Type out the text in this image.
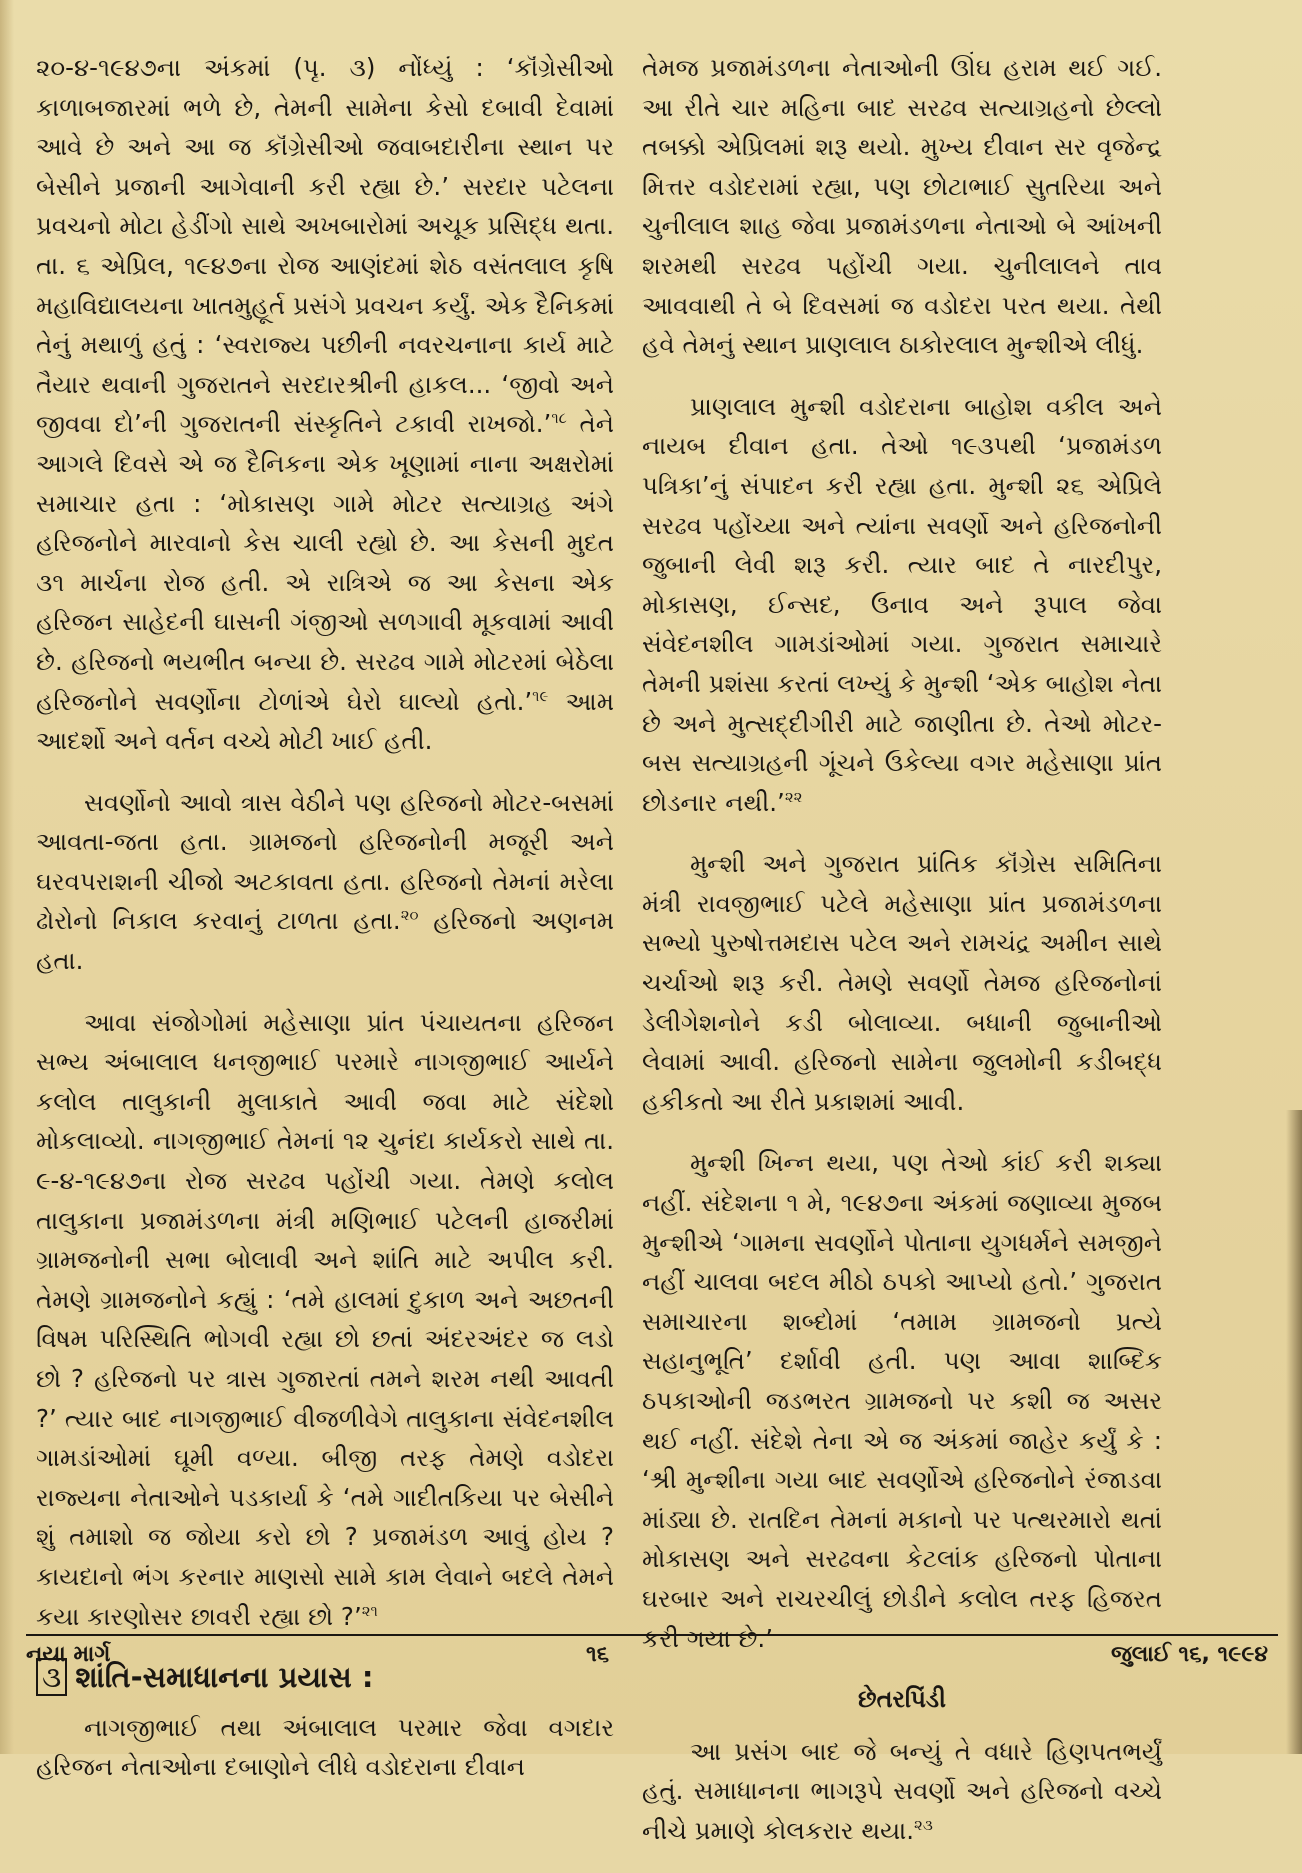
૨૦-૪-૧૯૪૭ના અંકમાં (પૃ. ૩) નોંધ્યું : ‘કૉંગ્રેસીઓ કાળાબજારમાં ભળે છે, તેમની સામેના કેસો દબાવી દેવામાં આવે છે અને આ જ કૉંગ્રેસીઓ જવાબદારીના સ્થાન પર બેસીને પ્રજાની આગેવાની કરી રહ્યા છે.’ સરદાર પટેલના પ્રવચનો મોટા હેડીંગો સાથે અખબારોમાં અચૂક પ્રસિદ્ધ થતા. તા. ૬ એપ્રિલ, ૧૯૪૭ના રોજ આણંદમાં શેઠ વસંતલાલ કૃષિ મહાવિદ્યાલયના ખાતમુહૂર્ત પ્રસંગે પ્રવચન કર્યું. એક દૈનિકમાં તેનું મથાળું હતું : ‘સ્વરાજ્ય પછીની નવરચનાના કાર્ય માટે તૈયાર થવાની ગુજરાતને સરદારશ્રીની હાકલ... ‘જીવો અને જીવવા દો’ની ગુજરાતની સંસ્કૃતિને ટકાવી રાખજો.’$^{૧૮}$ તેને આગલે દિવસે એ જ દૈનિકના એક ખૂણામાં નાના અક્ષરોમાં સમાચાર હતા : ‘મોકાસણ ગામે મોટર સત્યાગ્રહ અંગે હરિજનોને મારવાનો કેસ ચાલી રહ્યો છે. આ કેસની મુદત ૩૧ માર્ચના રોજ હતી. એ રાત્રિએ જ આ કેસના એક હરિજન સાહેદની ઘાસની ગંજીઓ સળગાવી મૂકવામાં આવી છે. હરિજનો ભયભીત બન્યા છે. સરઢવ ગામે મોટરમાં બેઠેલા હરિજનોને સવર્ણોના ટોળાંએ ઘેરો ઘાલ્યો હતો.’$^{૧૯}$ આમ આદર્શો અને વર્તન વચ્ચે મોટી ખાઈ હતી.

સવર્ણોનો આવો ત્રાસ વેઠીને પણ હરિજનો મોટર-બસમાં આવતા-જતા હતા. ગ્રામજનો હરિજનોની મજૂરી અને ઘરવપરાશની ચીજો અટકાવતા હતા. હરિજનો તેમનાં મરેલા ઢોરોનો નિકાલ કરવાનું ટાળતા હતા.$^{૨૦}$ હરિજનો અણનમ હતા.

આવા સંજોગોમાં મહેસાણા પ્રાંત પંચાયતના હરિજન સભ્ય અંબાલાલ ધનજીભાઈ પરમારે નાગજીભાઈ આર્યને કલોલ તાલુકાની મુલાકાતે આવી જવા માટે સંદેશો મોકલાવ્યો. નાગજીભાઈ તેમનાં ૧૨ ચુનંદા કાર્યકરો સાથે તા. ૯-૪-૧૯૪૭ના રોજ સરઢવ પહોંચી ગયા. તેમણે કલોલ તાલુકાના પ્રજામંડળના મંત્રી મણિભાઈ પટેલની હાજરીમાં ગ્રામજનોની સભા બોલાવી અને શાંતિ માટે અપીલ કરી. તેમણે ગ્રામજનોને કહ્યું : ‘તમે હાલમાં દુકાળ અને અછતની વિષમ પરિસ્થિતિ ભોગવી રહ્યા છો છતાં અંદરઅંદર જ લડો છો ? હરિજનો પર ત્રાસ ગુજારતાં તમને શરમ નથી આવતી ?’ ત્યાર બાદ નાગજીભાઈ વીજળીવેગે તાલુકાના સંવેદનશીલ ગામડાંઓમાં ઘૂમી વળ્યા. બીજી તરફ તેમણે વડોદરા રાજ્યના નેતાઓને પડકાર્યા કે ‘તમે ગાદીતકિયા પર બેસીને શું તમાશો જ જોયા કરો છો ? પ્રજામંડળ આવું હોય ? કાયદાનો ભંગ કરનાર માણસો સામે કામ લેવાને બદલે તેમને કયા કારણોસર છાવરી રહ્યા છો ?’$^{૨૧}$

૩ શાંતિ-સમાધાનના પ્રયાસ :

નાગજીભાઈ તથા અંબાલાલ પરમાર જેવા વગદાર હરિજન નેતાઓના દબાણોને લીધે વડોદરાના દીવાન

તેમજ પ્રજામંડળના નેતાઓની ઊંઘ હરામ થઈ ગઈ. આ રીતે ચાર મહિના બાદ સરઢવ સત્યાગ્રહનો છેલ્લો તબક્કો એપ્રિલમાં શરૂ થયો. મુખ્ય દીવાન સર વૃજેન્દ્ર મિત્તર વડોદરામાં રહ્યા, પણ છોટાભાઈ સુતરિયા અને ચુનીલાલ શાહ જેવા પ્રજામંડળના નેતાઓ બે આંખની શરમથી સરઢવ પહોંચી ગયા. ચુનીલાલને તાવ આવવાથી તે બે દિવસમાં જ વડોદરા પરત થયા. તેથી હવે તેમનું સ્થાન પ્રાણલાલ ઠાકોરલાલ મુન્શીએ લીધું.

પ્રાણલાલ મુન્શી વડોદરાના બાહોશ વકીલ અને નાયબ દીવાન હતા. તેઓ ૧૯૩૫થી ‘પ્રજામંડળ પત્રિકા’નું સંપાદન કરી રહ્યા હતા. મુન્શી ૨૬ એપ્રિલે સરઢવ પહોંચ્યા અને ત્યાંના સવર્ણો અને હરિજનોની જુબાની લેવી શરૂ કરી. ત્યાર બાદ તે નારદીપુર, મોકાસણ, ઈન્સદ, ઉનાવ અને રૂપાલ જેવા સંવેદનશીલ ગામડાંઓમાં ગયા. ગુજરાત સમાચારે તેમની પ્રશંસા કરતાં લખ્યું કે મુન્શી ‘એક બાહોશ નેતા છે અને મુત્સદ્દીગીરી માટે જાણીતા છે. તેઓ મોટર-બસ સત્યાગ્રહની ગૂંચને ઉકેલ્યા વગર મહેસાણા પ્રાંત છોડનાર નથી.’$^{૨૨}$

મુન્શી અને ગુજરાત પ્રાંતિક કૉંગ્રેસ સમિતિના મંત્રી રાવજીભાઈ પટેલે મહેસાણા પ્રાંત પ્રજામંડળના સભ્યો પુરુષોત્તમદાસ પટેલ અને રામચંદ્ર અમીન સાથે ચર્ચાઓ શરૂ કરી. તેમણે સવર્ણો તેમજ હરિજનોનાં ડેલીગેશનોને કડી બોલાવ્યા. બધાની જુબાનીઓ લેવામાં આવી. હરિજનો સામેના જુલમોની કડીબદ્ધ હકીકતો આ રીતે પ્રકાશમાં આવી.

મુન્શી ખિન્ન થયા, પણ તેઓ કાંઈ કરી શક્યા નહીં. સંદેશના ૧ મે, ૧૯૪૭ના અંકમાં જણાવ્યા મુજબ મુન્શીએ ‘ગામના સવર્ણોને પોતાના યુગધર્મને સમજીને નહીં ચાલવા બદલ મીઠો ઠપકો આપ્યો હતો.’ ગુજરાત સમાચારના શબ્દોમાં ‘તમામ ગ્રામજનો પ્રત્યે સહાનુભૂતિ’ દર્શાવી હતી. પણ આવા શાબ્દિક ઠપકાઓની જડભરત ગ્રામજનો પર કશી જ અસર થઈ નહીં. સંદેશે તેના એ જ અંકમાં જાહેર કર્યું કે : ‘શ્રી મુન્શીના ગયા બાદ સવર્ણોએ હરિજનોને રંજાડવા માંડ્યા છે. રાતદિન તેમનાં મકાનો પર પત્થરમારો થતાં મોકાસણ અને સરઢવના કેટલાંક હરિજનો પોતાના ઘરબાર અને રાચરચીલું છોડીને કલોલ તરફ હિજરત કરી ગયા છે.’

છેતરપિંડી

આ પ્રસંગ બાદ જે બન્યું તે વધારે હિણપતભર્યું હતું. સમાધાનના ભાગરૂપે સવર્ણો અને હરિજનો વચ્ચે નીચે પ્રમાણે કોલકરાર થયા.$^{૨૩}$

નયા માર્ગ	૧૬	જુલાઈ ૧૬, ૧૯૯૪
